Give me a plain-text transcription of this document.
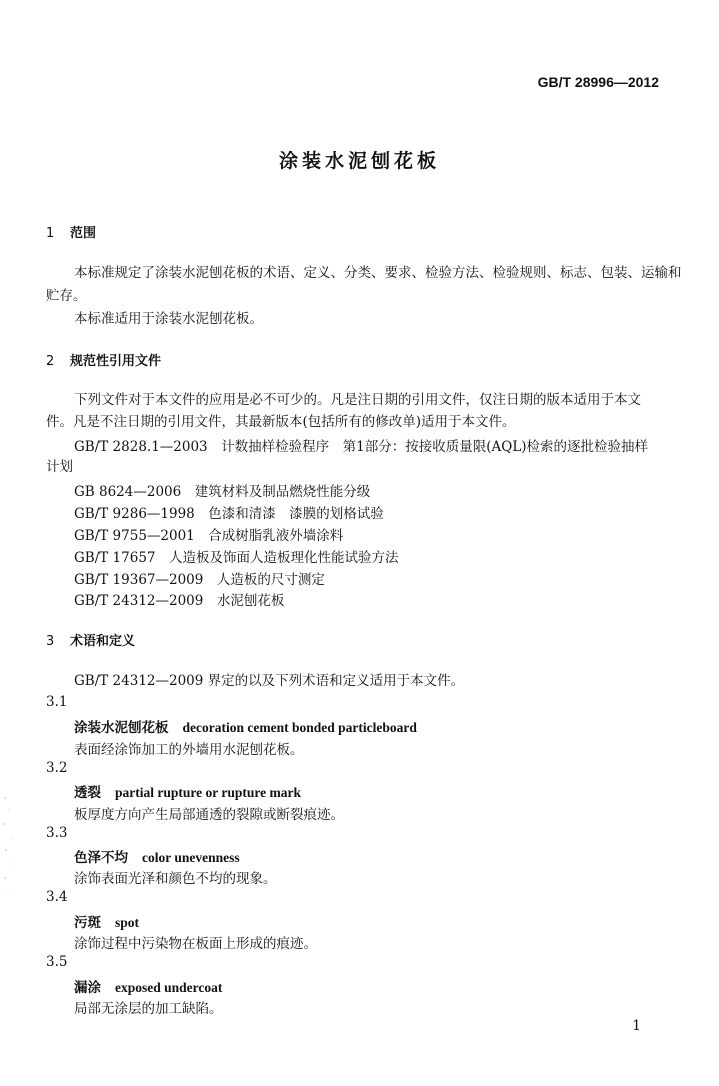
GB/T 28996—2012
涂装水泥刨花板
1 范围
本标准规定了涂装水泥刨花板的术语、定义、分类、要求、检验方法、检验规则、标志、包装、运输和
贮存。
本标准适用于涂装水泥刨花板。
2 规范性引用文件
下列文件对于本文件的应用是必不可少的。凡是注日期的引用文件，仅注日期的版本适用于本文
件。凡是不注日期的引用文件，其最新版本(包括所有的修改单)适用于本文件。
GB/T 2828.1—2003　 计数抽样检验程序　第1部分：按接收质量限(AQL)检索的逐批检验抽样
计划
GB 8624—2006　 建筑材料及制品燃烧性能分级
GB/T 9286—1998　 色漆和清漆　漆膜的划格试验
GB/T 9755—2001　 合成树脂乳液外墙涂料
GB/T 17657　 人造板及饰面人造板理化性能试验方法
GB/T 19367—2009　 人造板的尺寸测定
GB/T 24312—2009　 水泥刨花板
3 术语和定义
GB/T 24312—2009 界定的以及下列术语和定义适用于本文件。
3.1
涂装水泥刨花板 decoration cement bonded particleboard
表面经涂饰加工的外墙用水泥刨花板。
3.2
透裂 partial rupture or rupture mark
板厚度方向产生局部通透的裂隙或断裂痕迹。
3.3
色泽不均 color unevenness
涂饰表面光泽和颜色不均的现象。
3.4
污斑 spot
涂饰过程中污染物在板面上形成的痕迹。
3.5
漏涂 exposed undercoat
局部无涂层的加工缺陷。
1
